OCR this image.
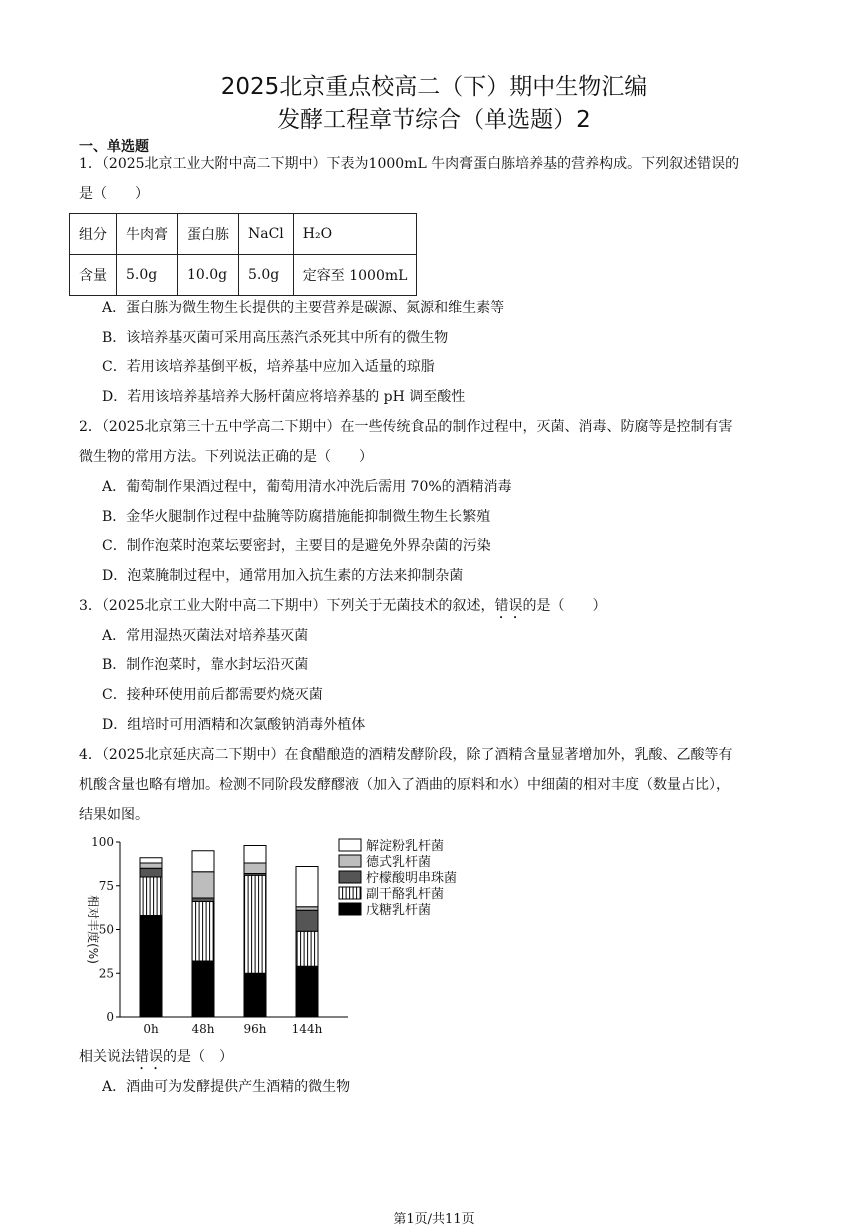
2025北京重点校高二（下）期中生物汇编
发酵工程章节综合（单选题）2
一、单选题
1．（2025北京工业大附中高二下期中）下表为1000mL 牛肉膏蛋白胨培养基的营养构成。下列叙述错误的
是（　　）
组分	牛肉膏	蛋白胨	NaCl	H₂O
含量	5.0g	10.0g	5.0g	定容至 1000mL
A．蛋白胨为微生物生长提供的主要营养是碳源、氮源和维生素等
B．该培养基灭菌可采用高压蒸汽杀死其中所有的微生物
C．若用该培养基倒平板，培养基中应加入适量的琼脂
D．若用该培养基培养大肠杆菌应将培养基的 pH 调至酸性
2．（2025北京第三十五中学高二下期中）在一些传统食品的制作过程中，灭菌、消毒、防腐等是控制有害
微生物的常用方法。下列说法正确的是（　　）
A．葡萄制作果酒过程中，葡萄用清水冲洗后需用 70%的酒精消毒
B．金华火腿制作过程中盐腌等防腐措施能抑制微生物生长繁殖
C．制作泡菜时泡菜坛要密封，主要目的是避免外界杂菌的污染
D．泡菜腌制过程中，通常用加入抗生素的方法来抑制杂菌
3．（2025北京工业大附中高二下期中）下列关于无菌技术的叙述，错误的是（　　）
A．常用湿热灭菌法对培养基灭菌
B．制作泡菜时，靠水封坛沿灭菌
C．接种环使用前后都需要灼烧灭菌
D．组培时可用酒精和次氯酸钠消毒外植体
4．（2025北京延庆高二下期中）在食醋酿造的酒精发酵阶段，除了酒精含量显著增加外，乳酸、乙酸等有
机酸含量也略有增加。检测不同阶段发酵醪液（加入了酒曲的原料和水）中细菌的相对丰度（数量占比），
结果如图。
0h	48h 96h 144h
0
25
50
75
100
相对丰度(%)
解淀粉乳杆菌
德式乳杆菌
柠檬酸明串珠菌
副干酪乳杆菌
戊糖乳杆菌
相关说法错误的是（　）
A．酒曲可为发酵提供产生酒精的微生物
第1页/共11页
